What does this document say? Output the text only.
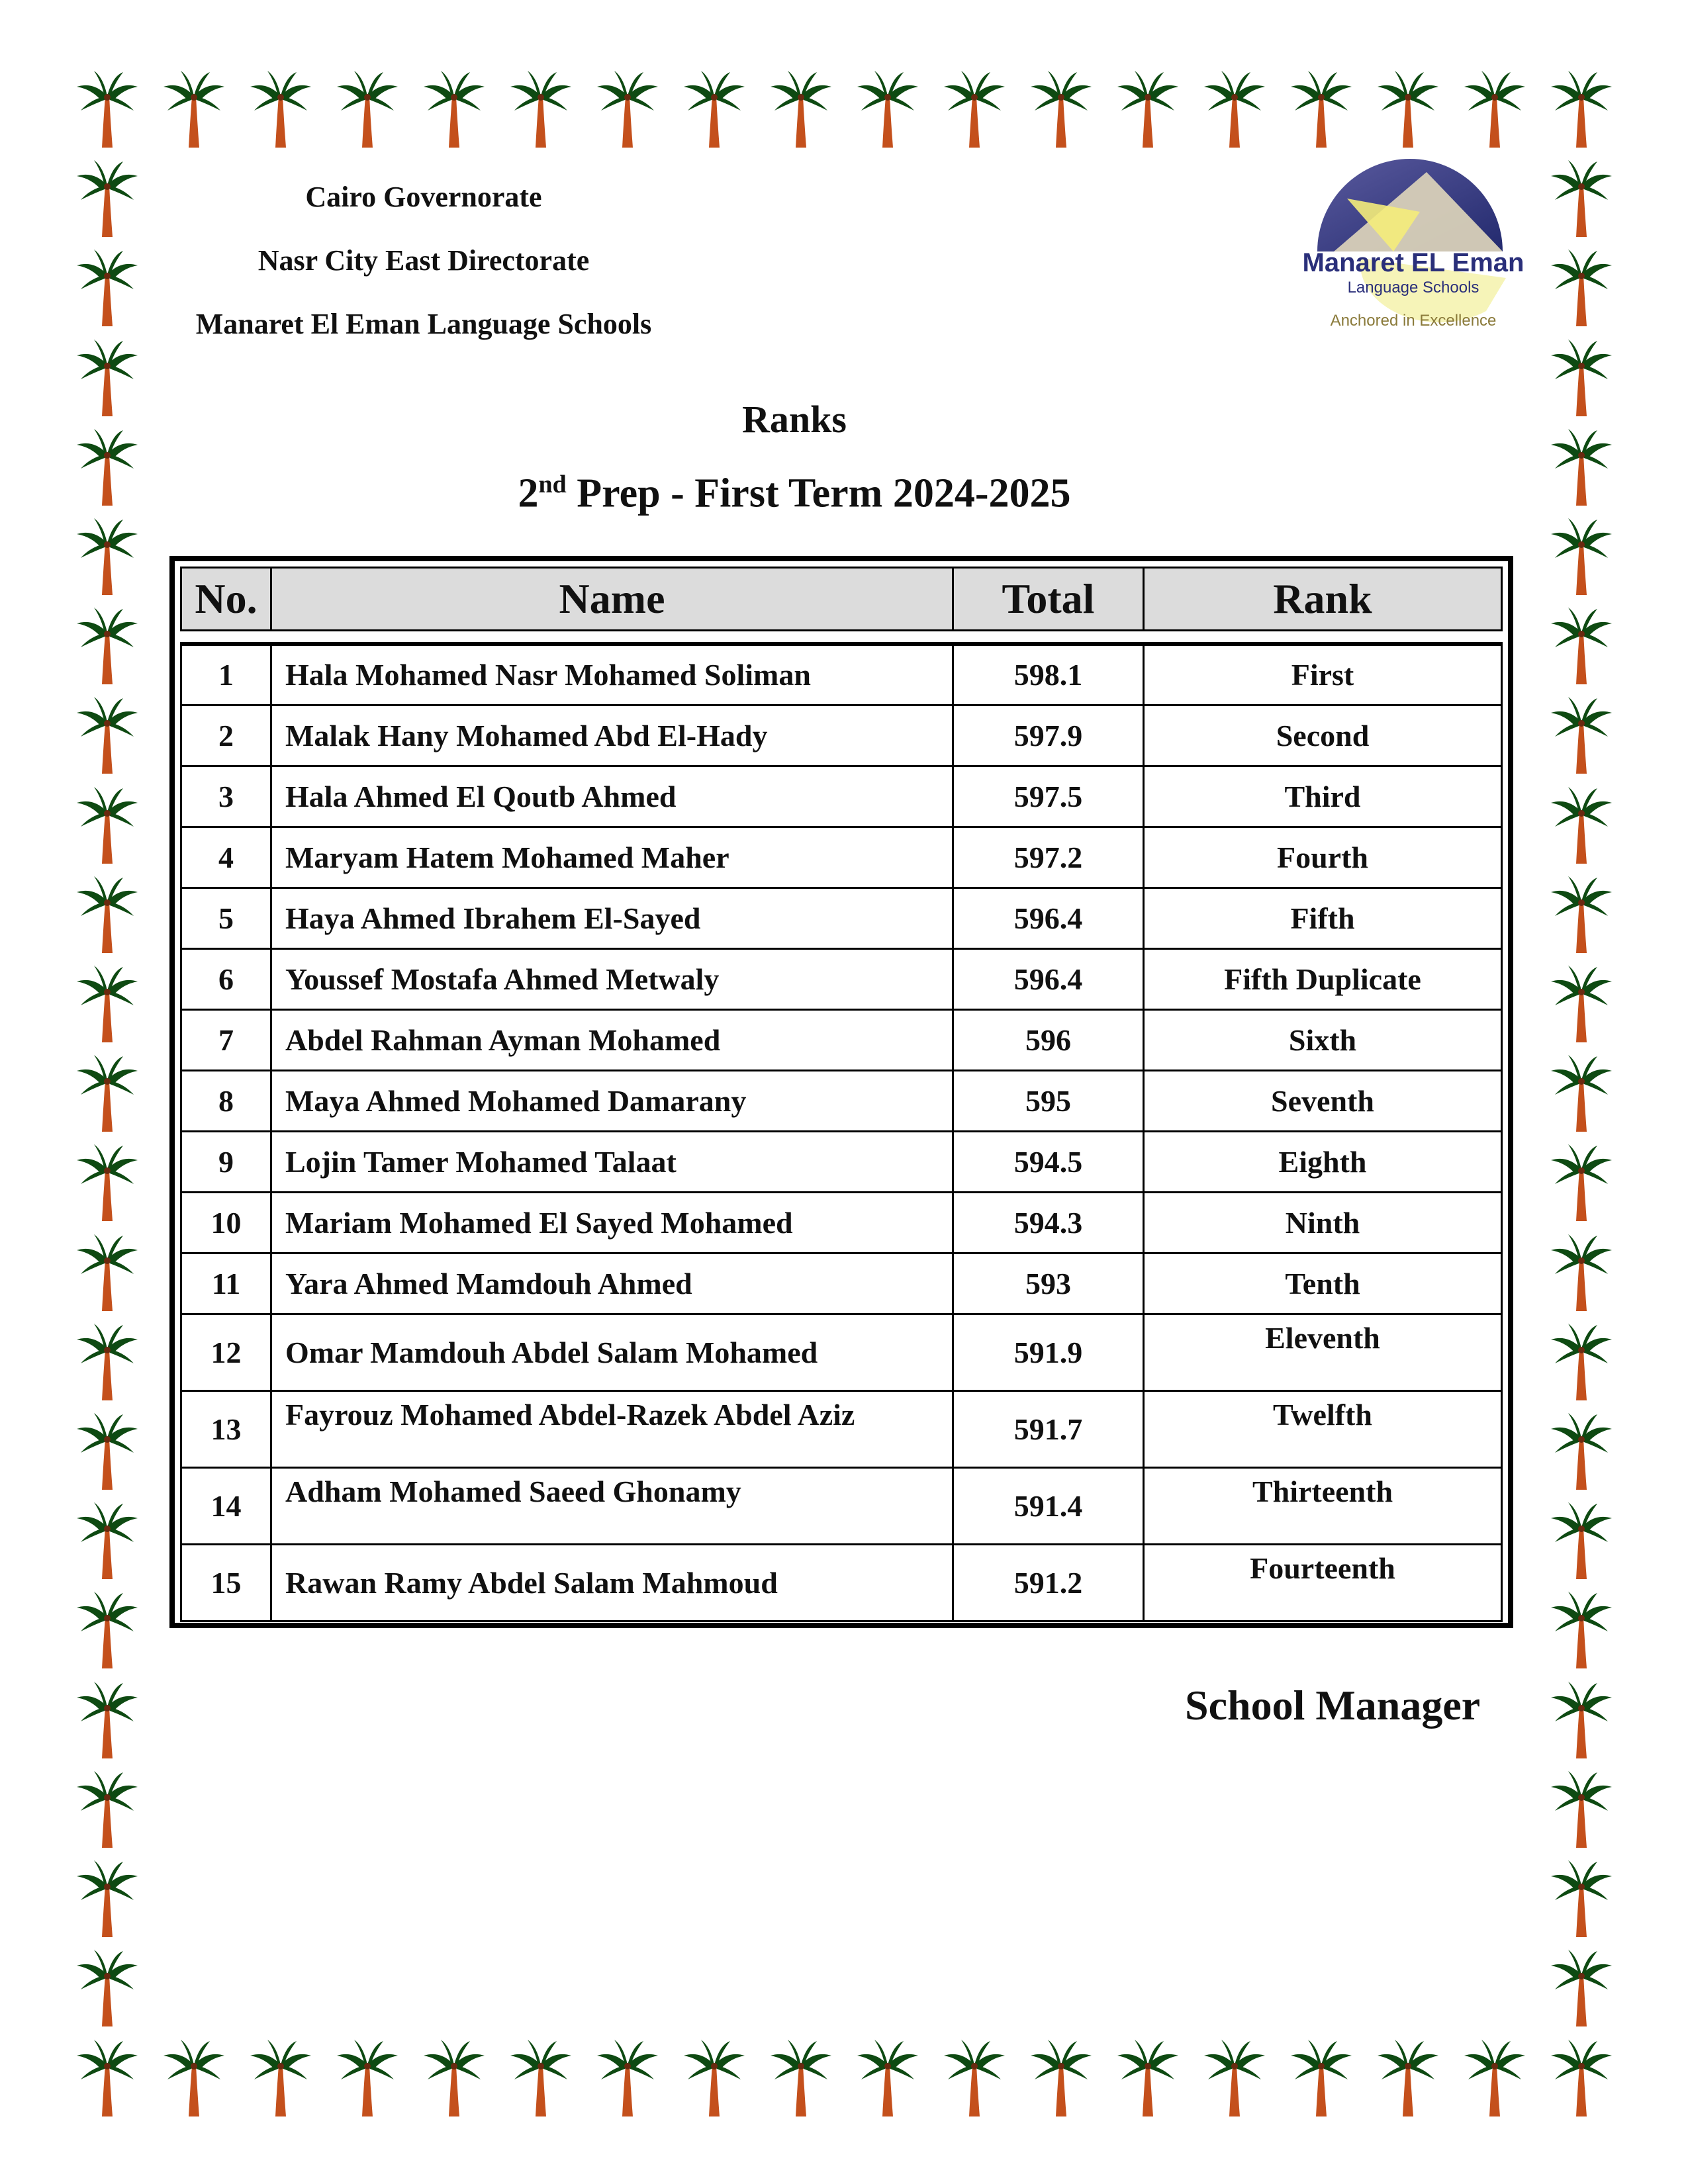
Cairo Governorate
Nasr City East Directorate
Manaret El Eman Language Schools
Manaret EL Eman
Language Schools
Anchored in Excellence
Ranks
2nd Prep - First Term 2024-2025
No.	Name	Total	Rank

1	Hala Mohamed Nasr Mohamed Soliman	598.1	First
2	Malak Hany Mohamed Abd El-Hady	597.9	Second
3	Hala Ahmed El Qoutb Ahmed	597.5	Third
4	Maryam Hatem Mohamed Maher	597.2	Fourth
5	Haya Ahmed Ibrahem El-Sayed	596.4	Fifth
6	Youssef Mostafa Ahmed Metwaly	596.4	Fifth Duplicate
7	Abdel Rahman Ayman Mohamed	596	Sixth
8	Maya Ahmed Mohamed Damarany	595	Seventh
9	Lojin Tamer Mohamed Talaat	594.5	Eighth
10	Mariam Mohamed El Sayed Mohamed	594.3	Ninth
11	Yara Ahmed Mamdouh Ahmed	593	Tenth
12	Omar Mamdouh Abdel Salam Mohamed	591.9	Eleventh
13	Fayrouz Mohamed Abdel-Razek Abdel Aziz	591.7	Twelfth
14	Adham Mohamed Saeed Ghonamy	591.4	Thirteenth
15	Rawan Ramy Abdel Salam Mahmoud	591.2	Fourteenth
School Manager
